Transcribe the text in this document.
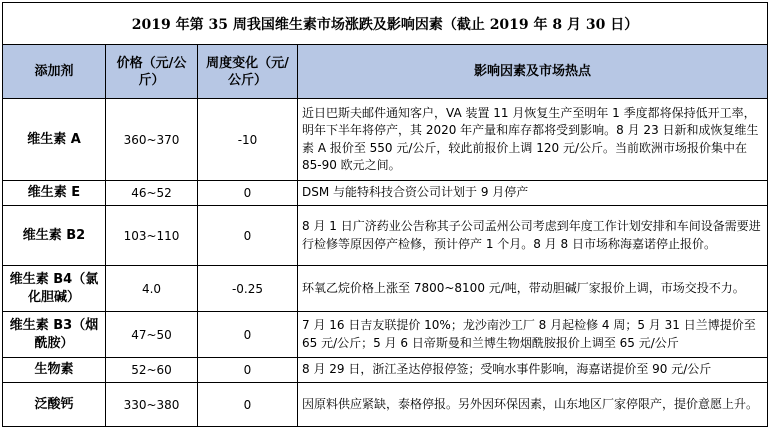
2019 年第 35 周我国维生素市场涨跌及影响因素（截止 2019 年 8 月 30 日）			
添加剂	价格（元/公斤）	周度变化（元/公斤）	影响因素及市场热点
维生素 A	360~370	-10	近日巴斯夫邮件通知客户，VA 装置 11 月恢复生产至明年 1 季度都将保持低开工率，明年下半年将停产，其 2020 年产量和库存都将受到影响。8 月 23 日新和成恢复维生素 A 报价至 550 元/公斤，较此前报价上调 120 元/公斤。当前欧洲市场报价集中在 85-90 欧元之间。
维生素 E	46~52	0	DSM 与能特科技合资公司计划于 9 月停产
维生素 B2	103~110	0	8 月 1 日广济药业公告称其子公司孟州公司考虑到年度工作计划安排和车间设备需要进行检修等原因停产检修，预计停产 1 个月。8 月 8 日市场称海嘉诺停止报价。
维生素 B4（氯化胆碱）	4.0	-0.25	环氧乙烷价格上涨至 7800~8100 元/吨，带动胆碱厂家报价上调，市场交投不力。
维生素 B3（烟酰胺）	47~50	0	7 月 16 日吉友联提价 10%；龙沙南沙工厂 8 月起检修 4 周；5 月 31 日兰博提价至 65 元/公斤；5 月 6 日帝斯曼和兰博生物烟酰胺报价上调至 65 元/公斤
生物素	52~60	0	8 月 29 日，浙江圣达停报停签；受响水事件影响，海嘉诺提价至 90 元/公斤
泛酸钙	330~380	0	因原料供应紧缺，泰格停报。另外因环保因素，山东地区厂家停限产，提价意愿上升。
